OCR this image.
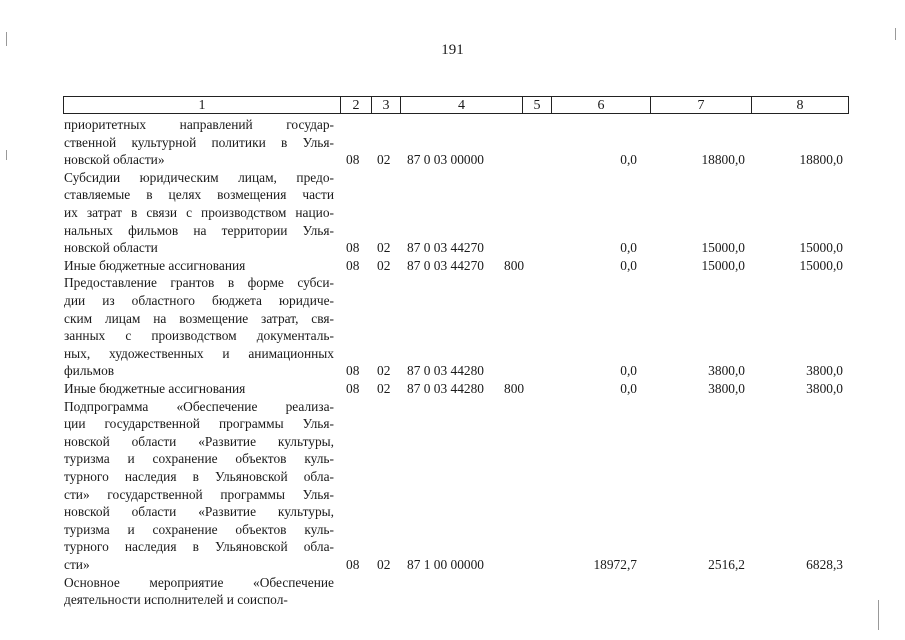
191
1	2	3	4	5	6	7	8
приоритетных направлений государ-
ственной культурной политики в Улья-
новской области»	08 02 87 0 03 00000	0,0	18800,0	18800,0
Субсидии юридическим лицам, предо-
ставляемые в целях возмещения части
их затрат в связи с производством нацио-
нальных фильмов на территории Улья-
новской области	08 02 87 0 03 44270	0,0	15000,0	15000,0
Иные бюджетные ассигнования	08 02 87 0 03 44270 800	0,0	15000,0	15000,0
Предоставление грантов в форме субси-
дии из областного бюджета юридиче-
ским лицам на возмещение затрат, свя-
занных с производством документаль-
ных, художественных и анимационных
фильмов	08 02 87 0 03 44280	0,0	3800,0	3800,0
Иные бюджетные ассигнования	08 02 87 0 03 44280 800	0,0	3800,0	3800,0
Подпрограмма «Обеспечение реализа-
ции государственной программы Улья-
новской области «Развитие культуры,
туризма и сохранение объектов куль-
турного наследия в Ульяновской обла-
сти» государственной программы Улья-
новской области «Развитие культуры,
туризма и сохранение объектов куль-
турного наследия в Ульяновской обла-
сти»	08 02 87 1 00 00000	18972,7	2516,2	6828,3
Основное мероприятие «Обеспечение
деятельности исполнителей и соиспол-
